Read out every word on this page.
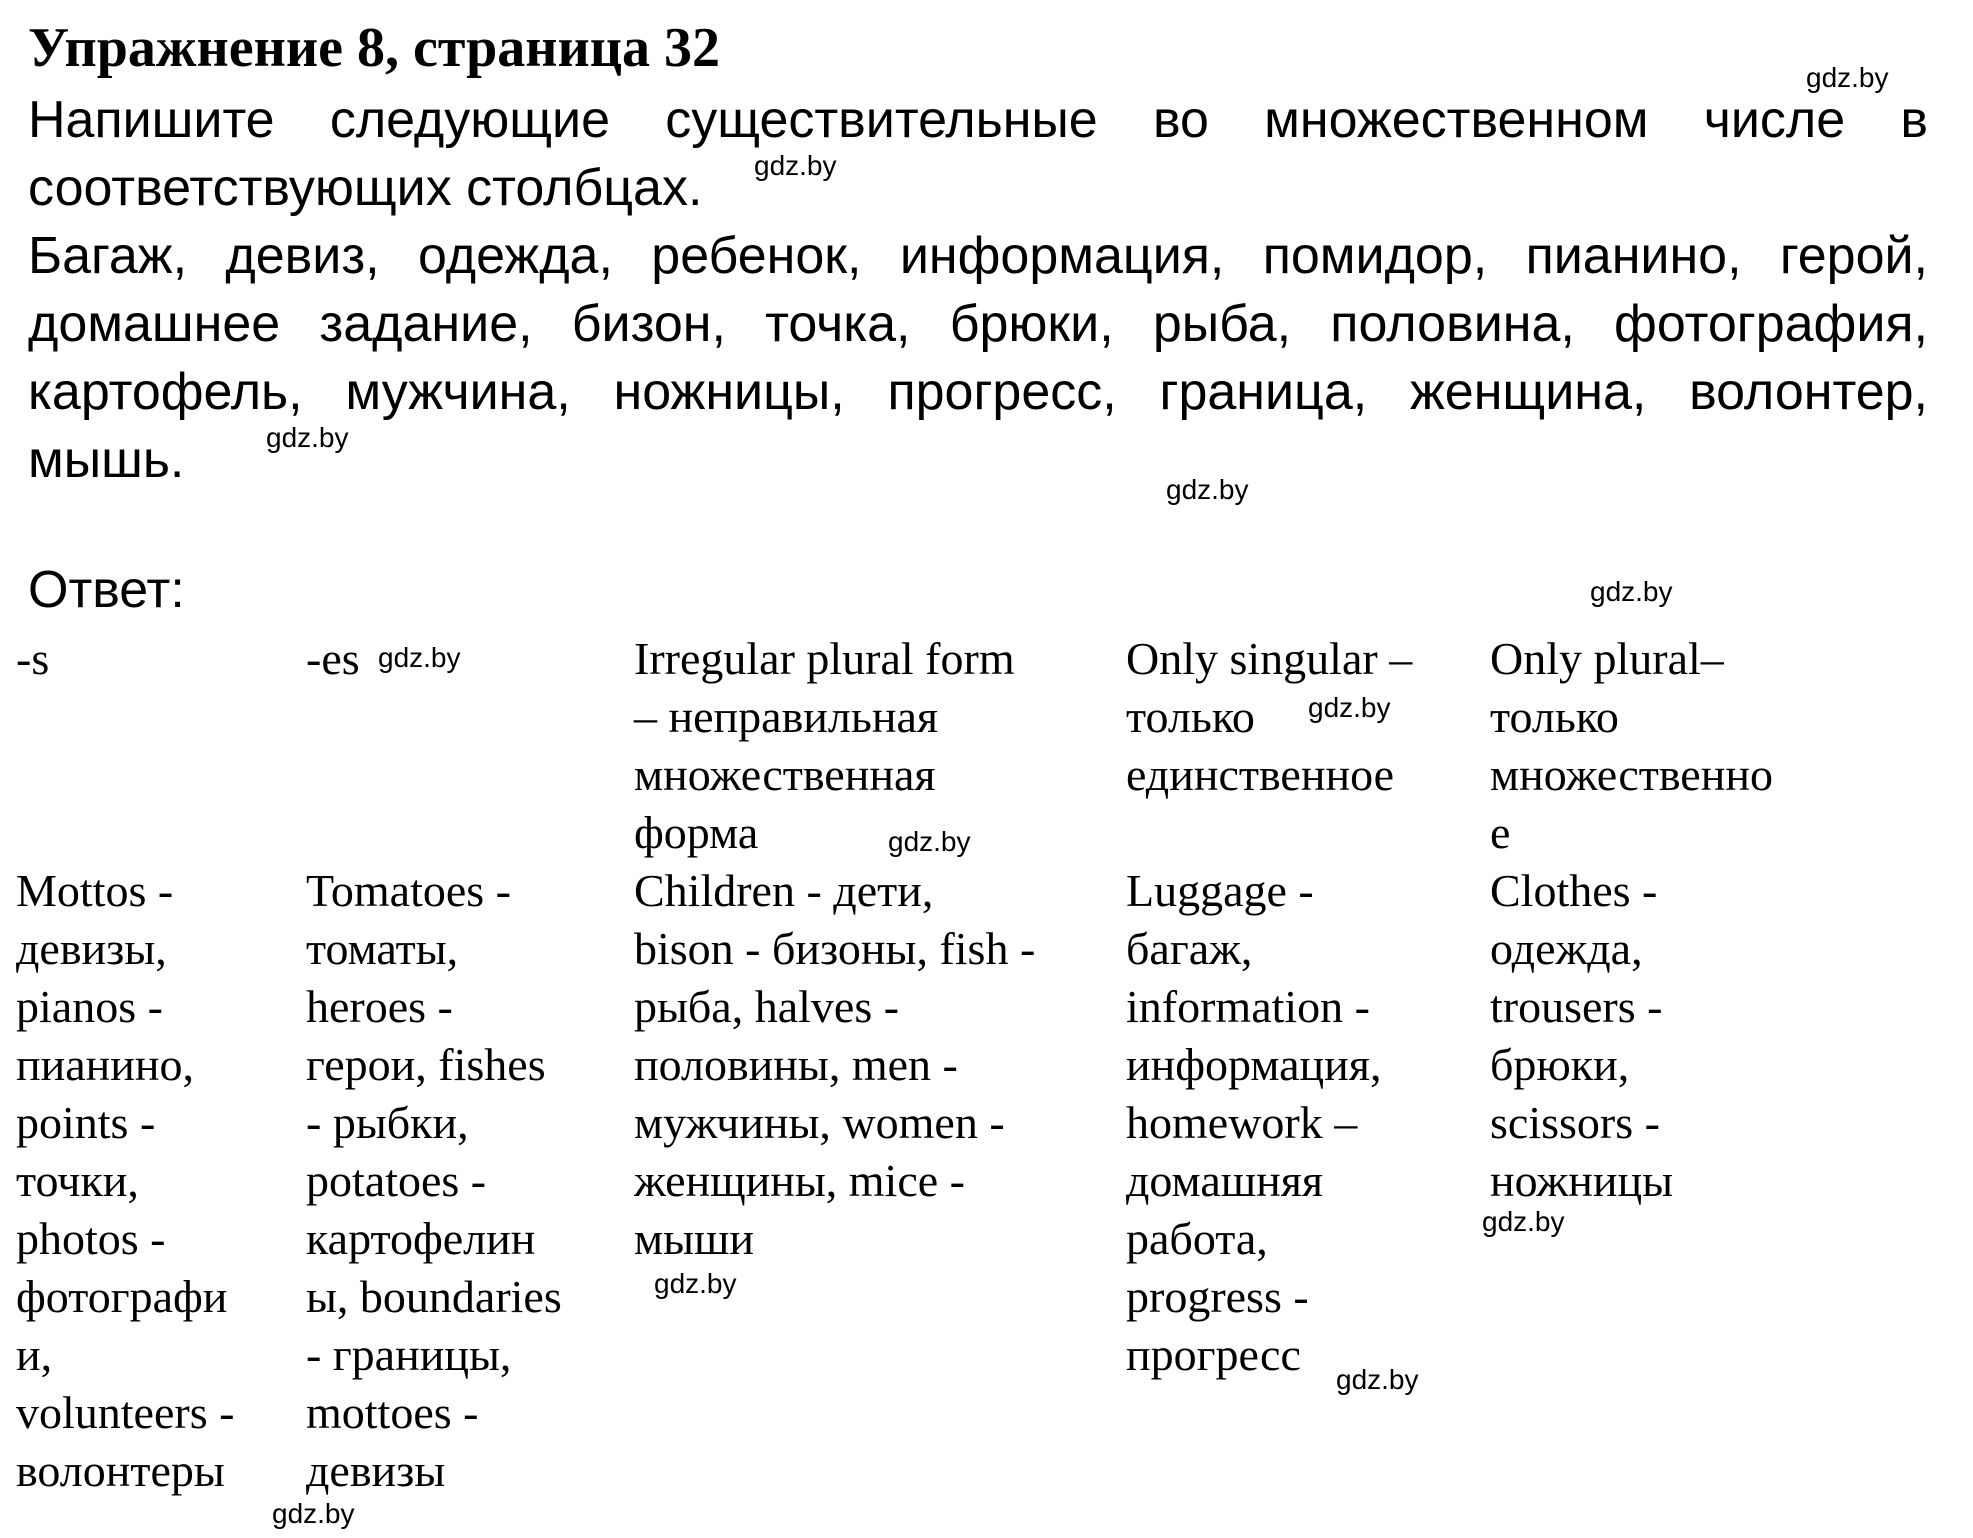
Упражнение 8, страница 32
Напишите следующие существительные во множественном числе в
соответствующих столбцах.
Багаж, девиз, одежда, ребенок, информация, помидор, пианино, герой,
домашнее задание, бизон, точка, брюки, рыба, половина, фотография,
картофель, мужчина, ножницы, прогресс, граница, женщина, волонтер,
мышь.
Ответ:
-s
Mottos -
девизы,
pianos -
пианино,
points -
точки,
photos -
фотографи
и,
volunteers -
волонтеры
-es
Tomatoes -
томаты,
heroes -
герои, fishes
- рыбки,
potatoes -
картофелин
ы, boundaries
- границы,
mottoes -
девизы
Irregular plural form
– неправильная
множественная
форма
Children - дети,
bison - бизоны, fish -
рыба, halves -
половины, men -
мужчины, women -
женщины, mice -
мыши
Only singular –
только
единственное
Luggage -
багаж,
information -
информация,
homework –
домашняя
работа,
progress -
прогресс
Only plural–
только
множественно
е
Clothes -
одежда,
trousers -
брюки,
scissors -
ножницы
gdz.by
gdz.by
gdz.by
gdz.by
gdz.by
gdz.by
gdz.by
gdz.by
gdz.by
gdz.by
gdz.by
gdz.by
